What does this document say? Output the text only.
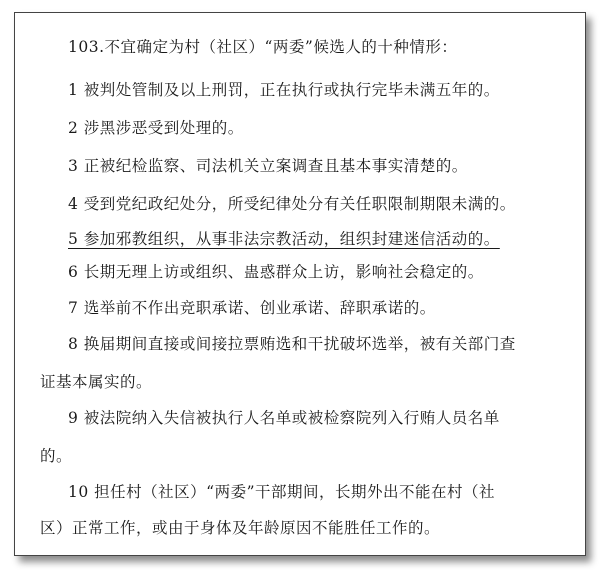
103.不宜确定为村（社区）“两委”候选人的十种情形：
1 被判处管制及以上刑罚，正在执行或执行完毕未满五年的。
2 涉黑涉恶受到处理的。
3 正被纪检监察、司法机关立案调查且基本事实清楚的。
4 受到党纪政纪处分，所受纪律处分有关任职限制期限未满的。
5 参加邪教组织，从事非法宗教活动，组织封建迷信活动的。
6 长期无理上访或组织、蛊惑群众上访，影响社会稳定的。
7 选举前不作出竞职承诺、创业承诺、辞职承诺的。
8 换届期间直接或间接拉票贿选和干扰破坏选举，被有关部门查
证基本属实的。
9 被法院纳入失信被执行人名单或被检察院列入行贿人员名单
的。
10 担任村（社区）“两委”干部期间，长期外出不能在村（社
区）正常工作，或由于身体及年龄原因不能胜任工作的。
